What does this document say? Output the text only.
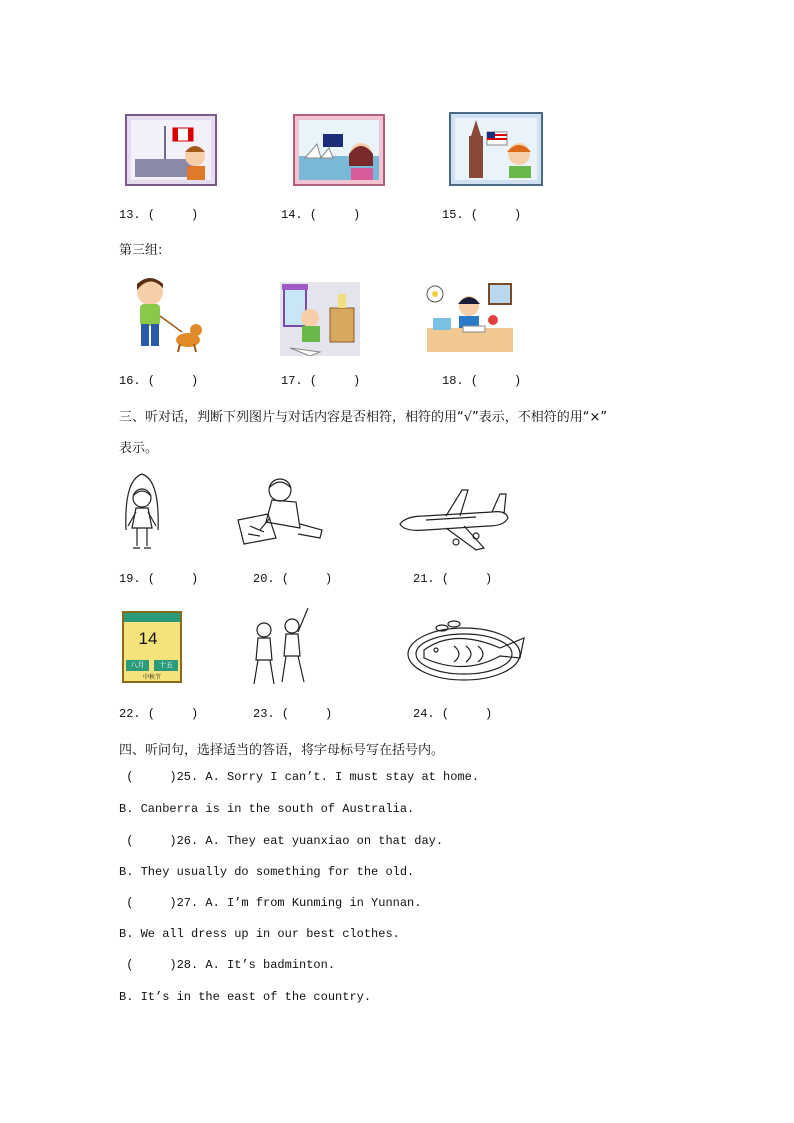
13. (     )	14. (     )	15. (     )
第三组:
16. (     )	17. (     )	18. (     )
三、听对话，判断下列图片与对话内容是否相符，相符的用“√”表示，不相符的用“×”
表示。
19. (     )	20. (     )	21. (     )
14
八月	十五
中秋节
22. (     )	23. (     )	24. (     )
四、听问句，选择适当的答语，将字母标号写在括号内。
(     )25. A. Sorry I can’t. I must stay at home.
B. Canberra is in the south of Australia.
(     )26. A. They eat yuanxiao on that day.
B. They usually do something for the old.
(     )27. A. I’m from Kunming in Yunnan.
B. We all dress up in our best clothes.
(     )28. A. It’s badminton.
B. It’s in the east of the country.
